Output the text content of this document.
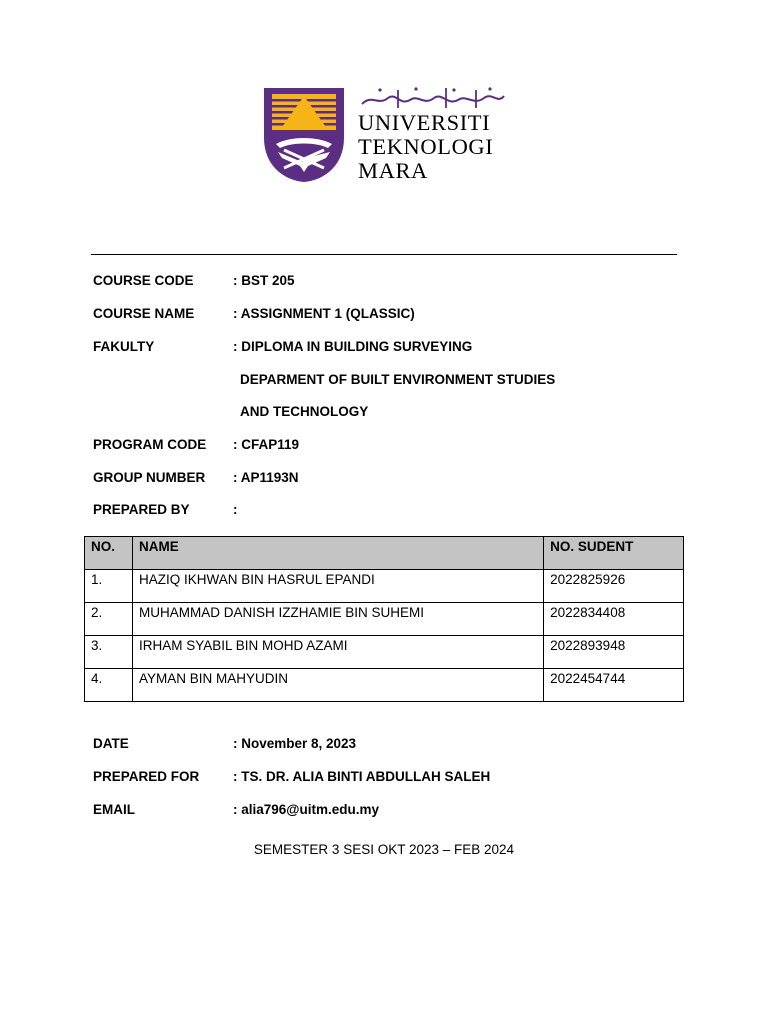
UNIVERSITI
TEKNOLOGI
MARA
COURSE CODE	: BST 205
COURSE NAME	: ASSIGNMENT 1 (QLASSIC)
FAKULTY	: DIPLOMA IN BUILDING SURVEYING
DEPARMENT OF BUILT ENVIRONMENT STUDIES
AND TECHNOLOGY
PROGRAM CODE : CFAP119
GROUP NUMBER : AP1193N
PREPARED BY	:
NO.	NAME	NO. SUDENT
1.	HAZIQ IKHWAN BIN HASRUL EPANDI	2022825926
2.	MUHAMMAD DANISH IZZHAMIE BIN SUHEMI	2022834408
3.	IRHAM SYABIL BIN MOHD AZAMI	2022893948
4.	AYMAN BIN MAHYUDIN	2022454744
DATE	: November 8, 2023
PREPARED FOR : TS. DR. ALIA BINTI ABDULLAH SALEH
EMAIL	: alia796@uitm.edu.my
SEMESTER 3 SESI OKT 2023 – FEB 2024
